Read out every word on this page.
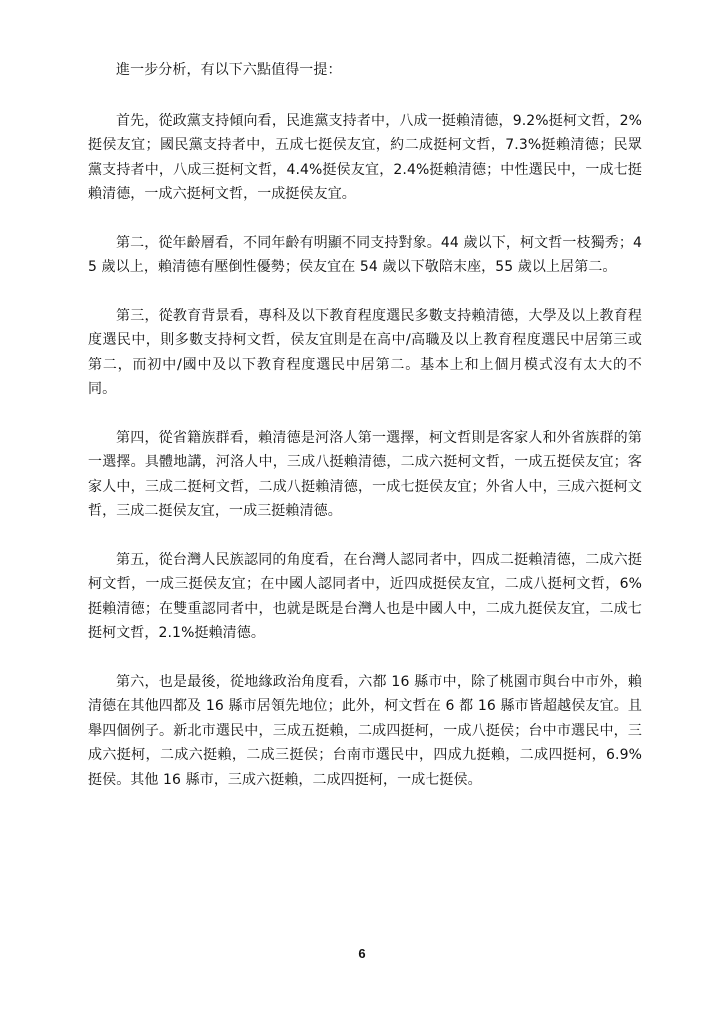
進一步分析，有以下六點值得一提：

首先，從政黨支持傾向看，民進黨支持者中，八成一挺賴清德，9.2%挺柯文哲，2%挺侯友宜；國民黨支持者中，五成七挺侯友宜，約二成挺柯文哲，7.3%挺賴清德；民眾黨支持者中，八成三挺柯文哲，4.4%挺侯友宜，2.4%挺賴清德；中性選民中，一成七挺賴清德，一成六挺柯文哲，一成挺侯友宜。

第二，從年齡層看，不同年齡有明顯不同支持對象。44 歲以下，柯文哲一枝獨秀；45 歲以上，賴清德有壓倒性優勢；侯友宜在 54 歲以下敬陪末座，55 歲以上居第二。

第三，從教育背景看，專科及以下教育程度選民多數支持賴清德，大學及以上教育程度選民中，則多數支持柯文哲，侯友宜則是在高中/高職及以上教育程度選民中居第三或第二，而初中/國中及以下教育程度選民中居第二。基本上和上個月模式沒有太大的不同。

第四，從省籍族群看，賴清德是河洛人第一選擇，柯文哲則是客家人和外省族群的第一選擇。具體地講，河洛人中，三成八挺賴清德，二成六挺柯文哲，一成五挺侯友宜；客家人中，三成二挺柯文哲，二成八挺賴清德，一成七挺侯友宜；外省人中，三成六挺柯文哲，三成二挺侯友宜，一成三挺賴清德。

第五，從台灣人民族認同的角度看，在台灣人認同者中，四成二挺賴清德，二成六挺柯文哲，一成三挺侯友宜；在中國人認同者中，近四成挺侯友宜，二成八挺柯文哲，6%挺賴清德；在雙重認同者中，也就是既是台灣人也是中國人中，二成九挺侯友宜，二成七挺柯文哲，2.1%挺賴清德。

第六，也是最後，從地緣政治角度看，六都 16 縣市中，除了桃園市與台中市外，賴清德在其他四都及 16 縣市居領先地位；此外，柯文哲在 6 都 16 縣市皆超越侯友宜。且舉四個例子。新北市選民中，三成五挺賴，二成四挺柯，一成八挺侯；台中市選民中，三成六挺柯，二成六挺賴，二成三挺侯；台南市選民中，四成九挺賴，二成四挺柯，6.9%挺侯。其他 16 縣市，三成六挺賴，二成四挺柯，一成七挺侯。

6
